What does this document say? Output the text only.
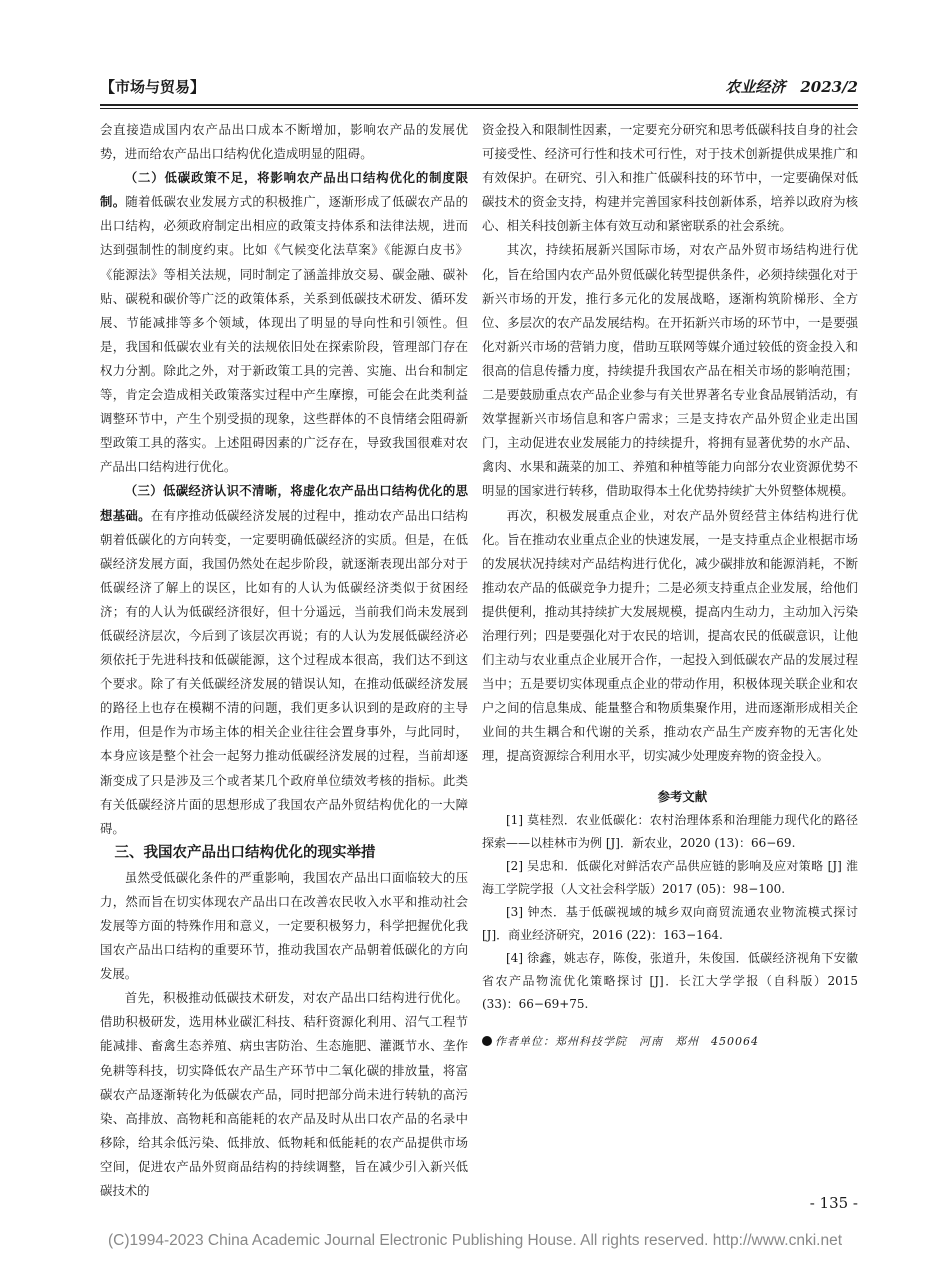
【市场与贸易】	农业经济　2023/2

会直接造成国内农产品出口成本不断增加，影响农产品的发展优势，进而给农产品出口结构优化造成明显的阻碍。

（二）低碳政策不足，将影响农产品出口结构优化的制度限制。随着低碳农业发展方式的积极推广，逐渐形成了低碳农产品的出口结构，必须政府制定出相应的政策支持体系和法律法规，进而达到强制性的制度约束。比如《气候变化法草案》《能源白皮书》《能源法》等相关法规，同时制定了涵盖排放交易、碳金融、碳补贴、碳税和碳价等广泛的政策体系，关系到低碳技术研发、循环发展、节能减排等多个领域，体现出了明显的导向性和引领性。但是，我国和低碳农业有关的法规依旧处在探索阶段，管理部门存在权力分割。除此之外，对于新政策工具的完善、实施、出台和制定等，肯定会造成相关政策落实过程中产生摩擦，可能会在此类利益调整环节中，产生个别受损的现象，这些群体的不良情绪会阻碍新型政策工具的落实。上述阻碍因素的广泛存在，导致我国很难对农产品出口结构进行优化。

（三）低碳经济认识不清晰，将虚化农产品出口结构优化的思想基础。在有序推动低碳经济发展的过程中，推动农产品出口结构朝着低碳化的方向转变，一定要明确低碳经济的实质。但是，在低碳经济发展方面，我国仍然处在起步阶段，就逐渐表现出部分对于低碳经济了解上的误区，比如有的人认为低碳经济类似于贫困经济；有的人认为低碳经济很好，但十分遥远，当前我们尚未发展到低碳经济层次，今后到了该层次再说；有的人认为发展低碳经济必须依托于先进科技和低碳能源，这个过程成本很高，我们达不到这个要求。除了有关低碳经济发展的错误认知，在推动低碳经济发展的路径上也存在模糊不清的问题，我们更多认识到的是政府的主导作用，但是作为市场主体的相关企业往往会置身事外，与此同时，本身应该是整个社会一起努力推动低碳经济发展的过程，当前却逐渐变成了只是涉及三个或者某几个政府单位绩效考核的指标。此类有关低碳经济片面的思想形成了我国农产品外贸结构优化的一大障碍。

三、我国农产品出口结构优化的现实举措

虽然受低碳化条件的严重影响，我国农产品出口面临较大的压力，然而旨在切实体现农产品出口在改善农民收入水平和推动社会发展等方面的特殊作用和意义，一定要积极努力，科学把握优化我国农产品出口结构的重要环节，推动我国农产品朝着低碳化的方向发展。

首先，积极推动低碳技术研发，对农产品出口结构进行优化。借助积极研发，选用林业碳汇科技、秸秆资源化利用、沼气工程节能减排、畜禽生态养殖、病虫害防治、生态施肥、灌溉节水、垄作免耕等科技，切实降低农产品生产环节中二氧化碳的排放量，将富碳农产品逐渐转化为低碳农产品，同时把部分尚未进行转轨的高污染、高排放、高物耗和高能耗的农产品及时从出口农产品的名录中移除，给其余低污染、低排放、低物耗和低能耗的农产品提供市场空间，促进农产品外贸商品结构的持续调整，旨在减少引入新兴低碳技术的

资金投入和限制性因素，一定要充分研究和思考低碳科技自身的社会可接受性、经济可行性和技术可行性，对于技术创新提供成果推广和有效保护。在研究、引入和推广低碳科技的环节中，一定要确保对低碳技术的资金支持，构建并完善国家科技创新体系，培养以政府为核心、相关科技创新主体有效互动和紧密联系的社会系统。

其次，持续拓展新兴国际市场，对农产品外贸市场结构进行优化，旨在给国内农产品外贸低碳化转型提供条件，必须持续强化对于新兴市场的开发，推行多元化的发展战略，逐渐构筑阶梯形、全方位、多层次的农产品发展结构。在开拓新兴市场的环节中，一是要强化对新兴市场的营销力度，借助互联网等媒介通过较低的资金投入和很高的信息传播力度，持续提升我国农产品在相关市场的影响范围；二是要鼓励重点农产品企业参与有关世界著名专业食品展销活动，有效掌握新兴市场信息和客户需求；三是支持农产品外贸企业走出国门，主动促进农业发展能力的持续提升，将拥有显著优势的水产品、禽肉、水果和蔬菜的加工、养殖和种植等能力向部分农业资源优势不明显的国家进行转移，借助取得本土化优势持续扩大外贸整体规模。

再次，积极发展重点企业，对农产品外贸经营主体结构进行优化。旨在推动农业重点企业的快速发展，一是支持重点企业根据市场的发展状况持续对产品结构进行优化，减少碳排放和能源消耗，不断推动农产品的低碳竞争力提升；二是必须支持重点企业发展，给他们提供便利，推动其持续扩大发展规模，提高内生动力，主动加入污染治理行列；四是要强化对于农民的培训，提高农民的低碳意识，让他们主动与农业重点企业展开合作，一起投入到低碳农产品的发展过程当中；五是要切实体现重点企业的带动作用，积极体现关联企业和农户之间的信息集成、能量整合和物质集聚作用，进而逐渐形成相关企业间的共生耦合和代谢的关系，推动农产品生产废弃物的无害化处理，提高资源综合利用水平，切实减少处理废弃物的资金投入。

参考文献

[1] 莫桂烈．农业低碳化：农村治理体系和治理能力现代化的路径探索——以桂林市为例 [J]．新农业，2020 (13)：66−69.

[2] 吴忠和．低碳化对鲜活农产品供应链的影响及应对策略 [J] 淮海工学院学报（人文社会科学版）2017 (05)：98−100.

[3] 钟杰．基于低碳视域的城乡双向商贸流通农业物流模式探讨 [J]．商业经济研究，2016 (22)：163−164.

[4] 徐鑫，姚志存，陈俊，张道升，朱俊国．低碳经济视角下安徽省农产品物流优化策略探讨 [J]．长江大学学报（自科版）2015 (33)：66−69+75.

作者单位：郑州科技学院　河南　郑州　450064
- 135 -
(C)1994-2023 China Academic Journal Electronic Publishing House. All rights reserved. http://www.cnki.net
